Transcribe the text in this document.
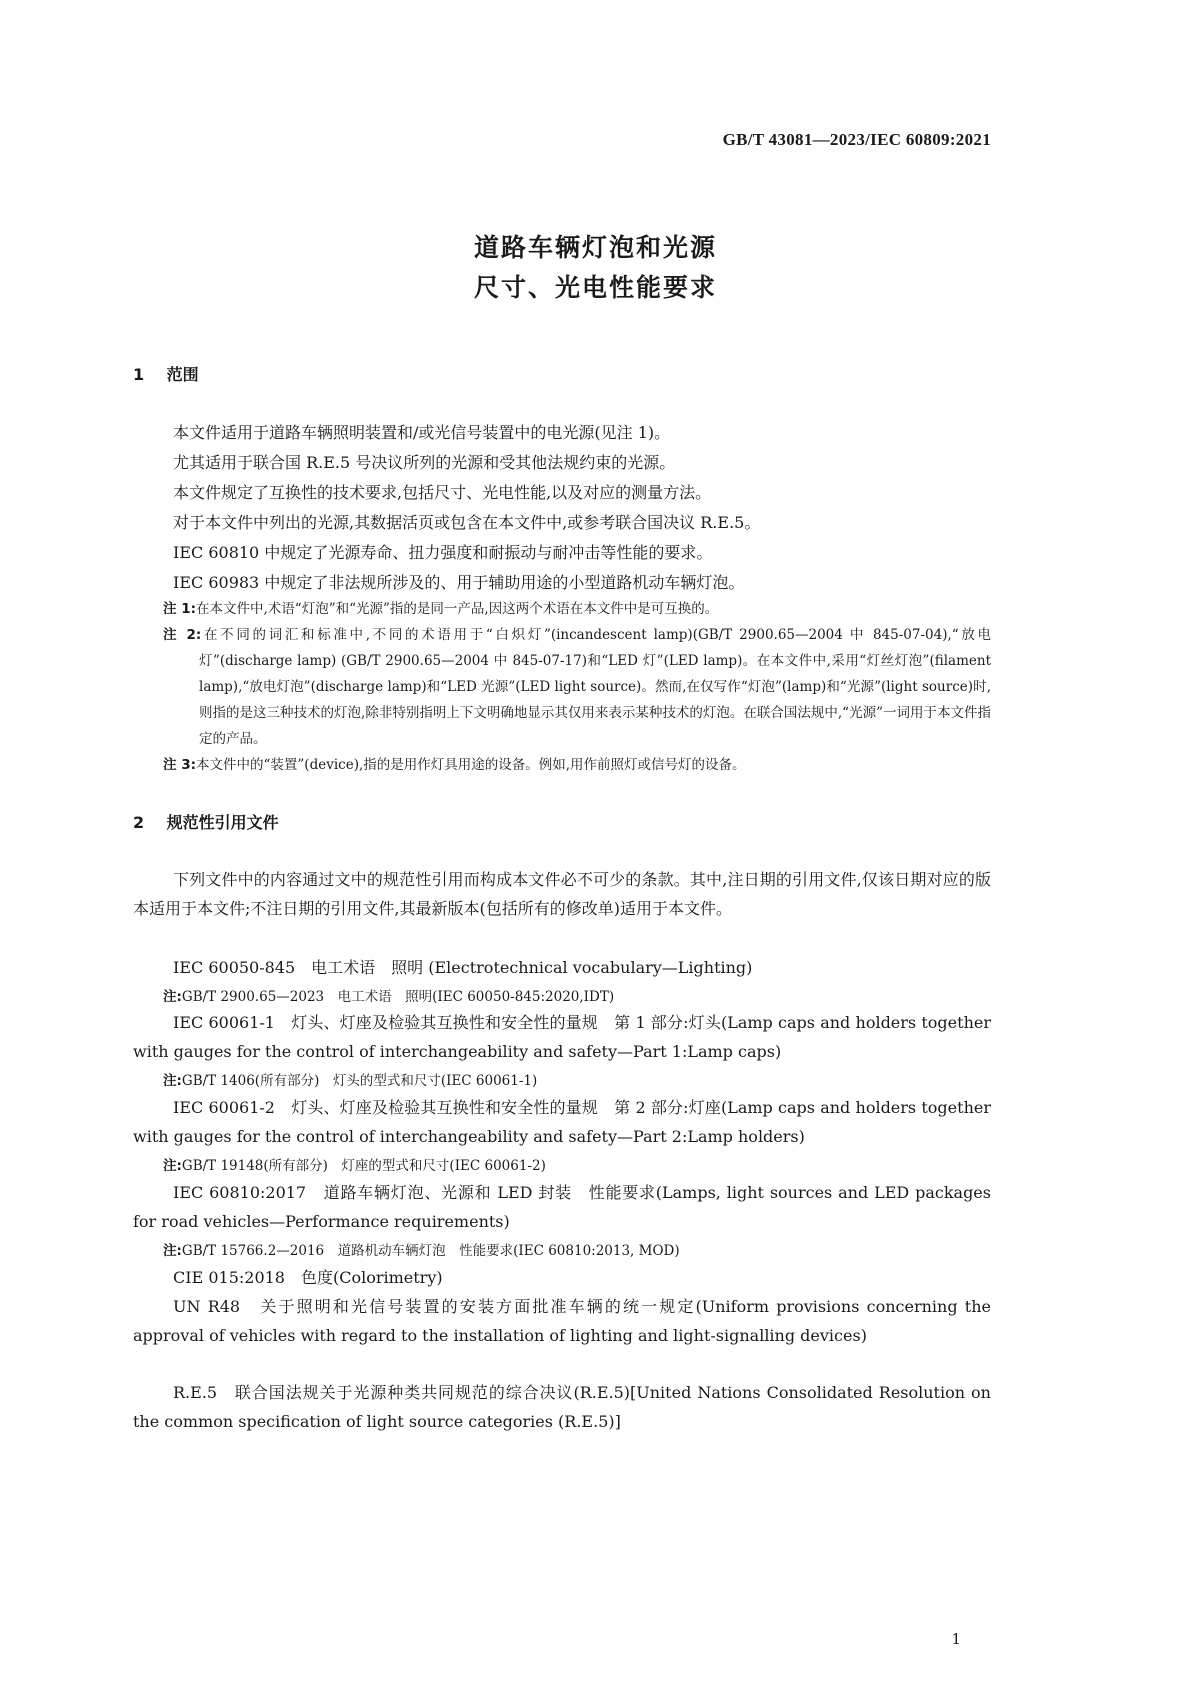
GB/T 43081—2023/IEC 60809:2021
道路车辆灯泡和光源
尺寸、光电性能要求
1 范围
本文件适用于道路车辆照明装置和/或光信号装置中的电光源(见注 1)。
尤其适用于联合国 R.E.5 号决议所列的光源和受其他法规约束的光源。
本文件规定了互换性的技术要求,包括尺寸、光电性能,以及对应的测量方法。
对于本文件中列出的光源,其数据活页或包含在本文件中,或参考联合国决议 R.E.5。
IEC 60810 中规定了光源寿命、扭力强度和耐振动与耐冲击等性能的要求。
IEC 60983 中规定了非法规所涉及的、用于辅助用途的小型道路机动车辆灯泡。
注 1:在本文件中,术语“灯泡”和“光源”指的是同一产品,因这两个术语在本文件中是可互换的。
注 2:在不同的词汇和标准中,不同的术语用于“白炽灯”(incandescent lamp)(GB/T 2900.65—2004 中 845-07-04),“放电灯”(discharge lamp) (GB/T 2900.65—2004 中 845-07-17)和“LED 灯”(LED lamp)。在本文件中,采用“灯丝灯泡”(filament lamp),“放电灯泡”(discharge lamp)和“LED 光源”(LED light source)。然而,在仅写作“灯泡”(lamp)和“光源”(light source)时,则指的是这三种技术的灯泡,除非特别指明上下文明确地显示其仅用来表示某种技术的灯泡。在联合国法规中,“光源”一词用于本文件指定的产品。
注 3:本文件中的“装置”(device),指的是用作灯具用途的设备。例如,用作前照灯或信号灯的设备。
2 规范性引用文件
下列文件中的内容通过文中的规范性引用而构成本文件必不可少的条款。其中,注日期的引用文件,仅该日期对应的版本适用于本文件;不注日期的引用文件,其最新版本(包括所有的修改单)适用于本文件。
IEC 60050-845　电工术语　照明 (Electrotechnical vocabulary—Lighting)
注:GB/T 2900.65—2023　电工术语　照明(IEC 60050-845:2020,IDT)
IEC 60061-1　灯头、灯座及检验其互换性和安全性的量规　第 1 部分:灯头(Lamp caps and holders together with gauges for the control of interchangeability and safety—Part 1:Lamp caps)
注:GB/T 1406(所有部分)　灯头的型式和尺寸(IEC 60061-1)
IEC 60061-2　灯头、灯座及检验其互换性和安全性的量规　第 2 部分:灯座(Lamp caps and holders together with gauges for the control of interchangeability and safety—Part 2:Lamp holders)
注:GB/T 19148(所有部分)　灯座的型式和尺寸(IEC 60061-2)
IEC 60810:2017　道路车辆灯泡、光源和 LED 封装　性能要求(Lamps, light sources and LED packages for road vehicles—Performance requirements)
注:GB/T 15766.2—2016　道路机动车辆灯泡　性能要求(IEC 60810:2013, MOD)
CIE 015:2018　色度(Colorimetry)
UN R48　关于照明和光信号装置的安装方面批准车辆的统一规定(Uniform provisions concerning the approval of vehicles with regard to the installation of lighting and light-signalling devices)
R.E.5　联合国法规关于光源种类共同规范的综合决议(R.E.5)[United Nations Consolidated Resolution on the common specification of light source categories (R.E.5)]
1
